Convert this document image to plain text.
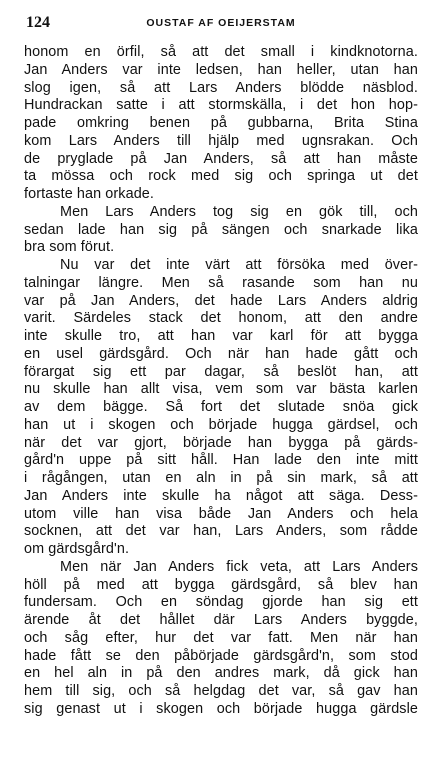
124	OUSTAF AF OEIJERSTAM
honom en örfil, så att det small i kindknotorna.
Jan Anders var inte ledsen, han heller, utan han
slog igen, så att Lars Anders blödde näsblod.
Hundrackan satte i att stormskälla, i det hon hop-
pade omkring benen på gubbarna, Brita Stina
kom Lars Anders till hjälp med ugnsrakan. Och
de pryglade på Jan Anders, så att han måste
ta mössa och rock med sig och springa ut det
fortaste han orkade.
Men Lars Anders tog sig en gök till, och
sedan lade han sig på sängen och snarkade lika
bra som förut.
Nu var det inte värt att försöka med över-
talningar längre. Men så rasande som han nu
var på Jan Anders, det hade Lars Anders aldrig
varit. Särdeles stack det honom, att den andre
inte skulle tro, att han var karl för att bygga
en usel gärdsgård. Och när han hade gått och
förargat sig ett par dagar, så beslöt han, att
nu skulle han allt visa, vem som var bästa karlen
av dem bägge. Så fort det slutade snöa gick
han ut i skogen och började hugga gärdsel, och
när det var gjort, började han bygga på gärds-
gård'n uppe på sitt håll. Han lade den inte mitt
i rågången, utan en aln in på sin mark, så att
Jan Anders inte skulle ha något att säga. Dess-
utom ville han visa både Jan Anders och hela
socknen, att det var han, Lars Anders, som rådde
om gärdsgård'n.
Men när Jan Anders fick veta, att Lars Anders
höll på med att bygga gärdsgård, så blev han
fundersam. Och en söndag gjorde han sig ett
ärende åt det hållet där Lars Anders byggde,
och såg efter, hur det var fatt. Men när han
hade fått se den påbörjade gärdsgård'n, som stod
en hel aln in på den andres mark, då gick han
hem till sig, och så helgdag det var, så gav han
sig genast ut i skogen och började hugga gärdsle
